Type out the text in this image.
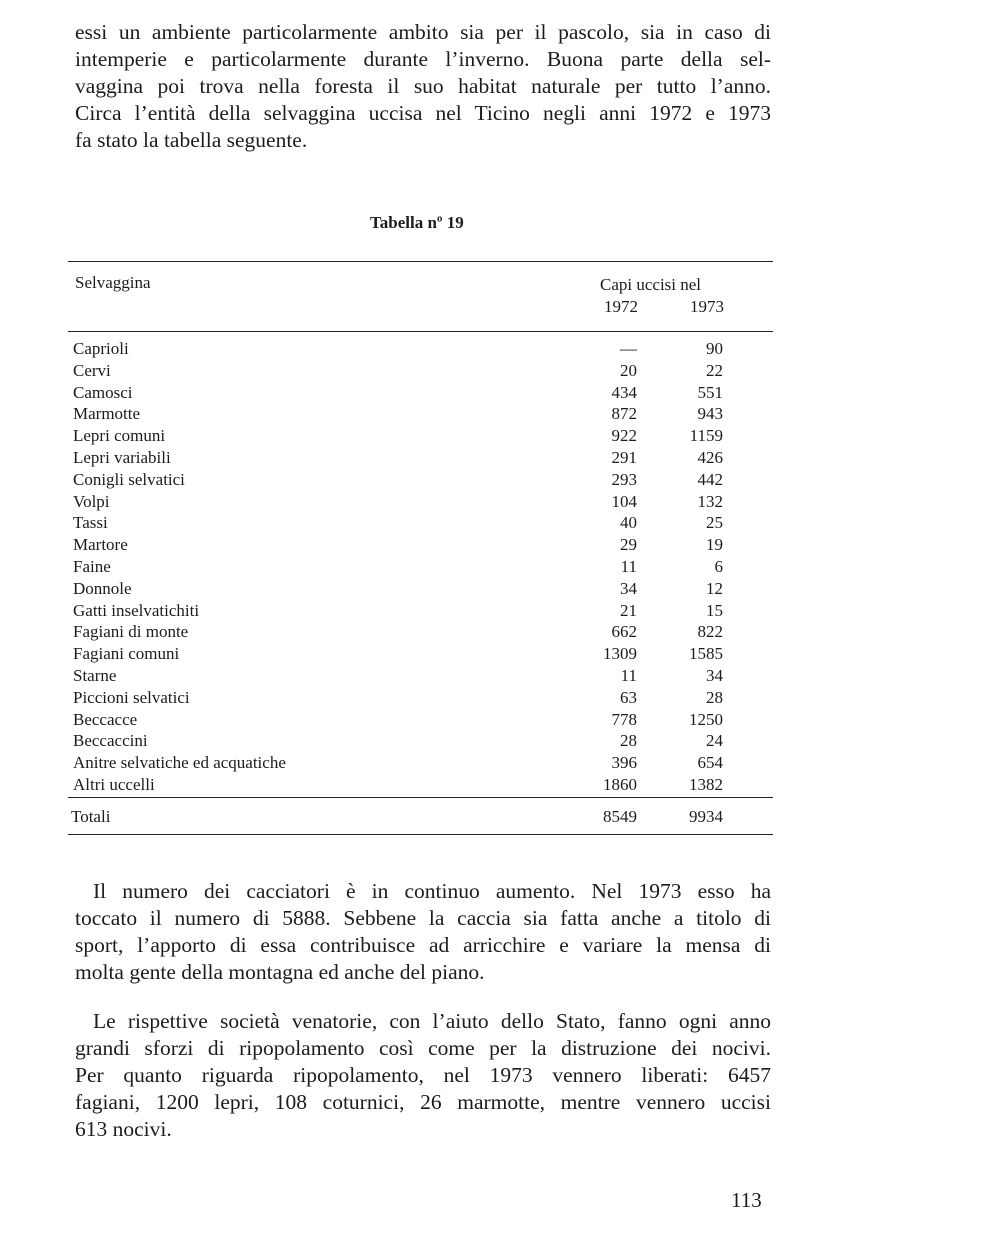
essi un ambiente particolarmente ambito sia per il pascolo, sia in caso di
intemperie e particolarmente durante l’inverno. Buona parte della sel-
vaggina poi trova nella foresta il suo habitat naturale per tutto l’anno.
Circa l’entità della selvaggina uccisa nel Ticino negli anni 1972 e 1973
fa stato la tabella seguente.

Tabella nº 19

Selvaggina	Capi uccisi nel
1972	1973
Caprioli	—	90
Cervi	20	22
Camosci	434	551
Marmotte	872	943
Lepri comuni	922	1159
Lepri variabili	291	426
Conigli selvatici	293	442
Volpi	104	132
Tassi	40	25
Martore	29	19
Faine	11	6
Donnole	34	12
Gatti inselvatichiti	21	15
Fagiani di monte	662	822
Fagiani comuni	1309	1585
Starne	11	34
Piccioni selvatici	63	28
Beccacce	778	1250
Beccaccini	28	24
Anitre selvatiche ed acquatiche	396	654
Altri uccelli	1860	1382
Totali	8549	9934

Il numero dei cacciatori è in continuo aumento. Nel 1973 esso ha
toccato il numero di 5888. Sebbene la caccia sia fatta anche a titolo di
sport, l’apporto di essa contribuisce ad arricchire e variare la mensa di
molta gente della montagna ed anche del piano.

Le rispettive società venatorie, con l’aiuto dello Stato, fanno ogni anno
grandi sforzi di ripopolamento così come per la distruzione dei nocivi.
Per quanto riguarda ripopolamento, nel 1973 vennero liberati: 6457
fagiani, 1200 lepri, 108 coturnici, 26 marmotte, mentre vennero uccisi
613 nocivi.

113
